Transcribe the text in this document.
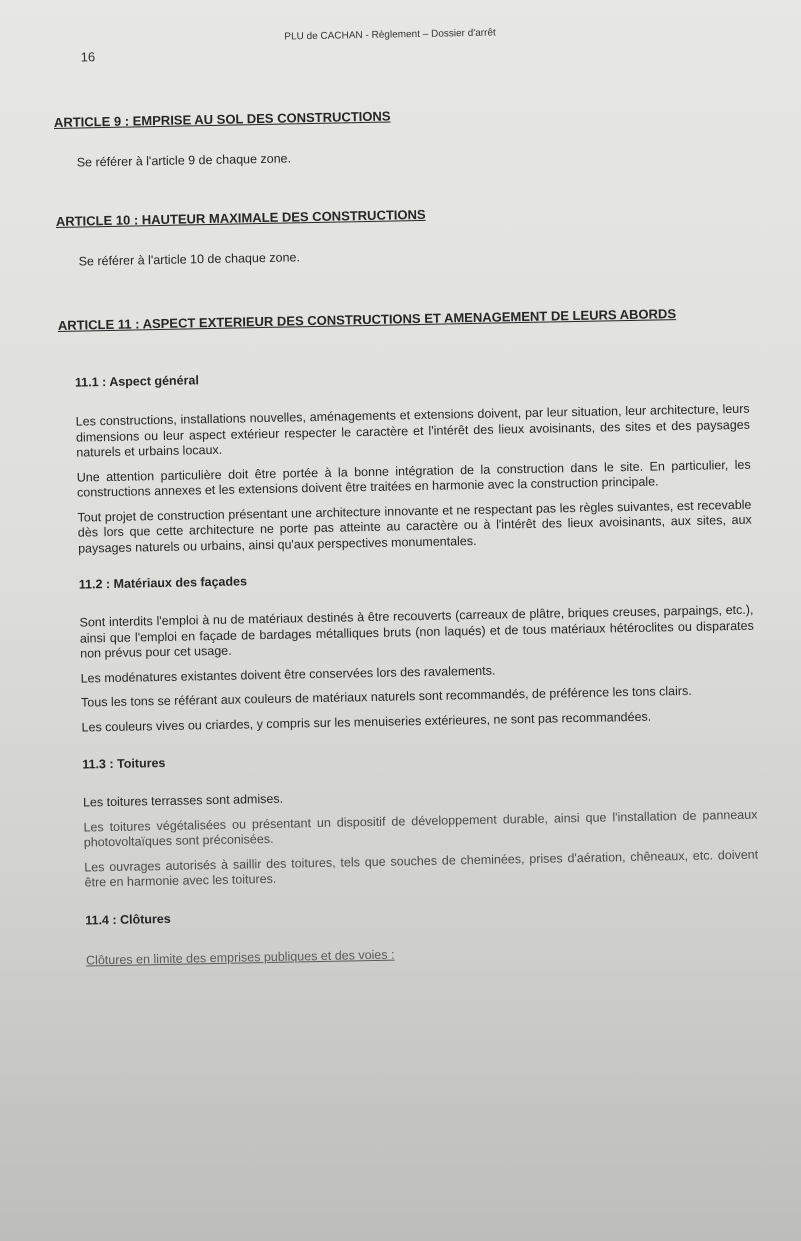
16
PLU de CACHAN - Règlement – Dossier d'arrêt

ARTICLE 9 : EMPRISE AU SOL DES CONSTRUCTIONS

Se référer à l'article 9 de chaque zone.

ARTICLE 10 : HAUTEUR MAXIMALE DES CONSTRUCTIONS

Se référer à l'article 10 de chaque zone.

ARTICLE 11 : ASPECT EXTERIEUR DES CONSTRUCTIONS ET AMENAGEMENT DE LEURS ABORDS

11.1 : Aspect général

Les constructions, installations nouvelles, aménagements et extensions doivent, par leur situation, leur architecture, leurs dimensions ou leur aspect extérieur respecter le caractère et l'intérêt des lieux avoisinants, des sites et des paysages naturels et urbains locaux.

Une attention particulière doit être portée à la bonne intégration de la construction dans le site. En particulier, les constructions annexes et les extensions doivent être traitées en harmonie avec la construction principale.

Tout projet de construction présentant une architecture innovante et ne respectant pas les règles suivantes, est recevable dès lors que cette architecture ne porte pas atteinte au caractère ou à l'intérêt des lieux avoisinants, aux sites, aux paysages naturels ou urbains, ainsi qu'aux perspectives monumentales.

11.2 : Matériaux des façades

Sont interdits l'emploi à nu de matériaux destinés à être recouverts (carreaux de plâtre, briques creuses, parpaings, etc.), ainsi que l'emploi en façade de bardages métalliques bruts (non laqués) et de tous matériaux hétéroclites ou disparates non prévus pour cet usage.

Les modénatures existantes doivent être conservées lors des ravalements.

Tous les tons se référant aux couleurs de matériaux naturels sont recommandés, de préférence les tons clairs.

Les couleurs vives ou criardes, y compris sur les menuiseries extérieures, ne sont pas recommandées.

11.3 : Toitures

Les toitures terrasses sont admises.

Les toitures végétalisées ou présentant un dispositif de développement durable, ainsi que l'installation de panneaux photovoltaïques sont préconisées.

Les ouvrages autorisés à saillir des toitures, tels que souches de cheminées, prises d'aération, chêneaux, etc. doivent être en harmonie avec les toitures.

11.4 : Clôtures

Clôtures en limite des emprises publiques et des voies :
